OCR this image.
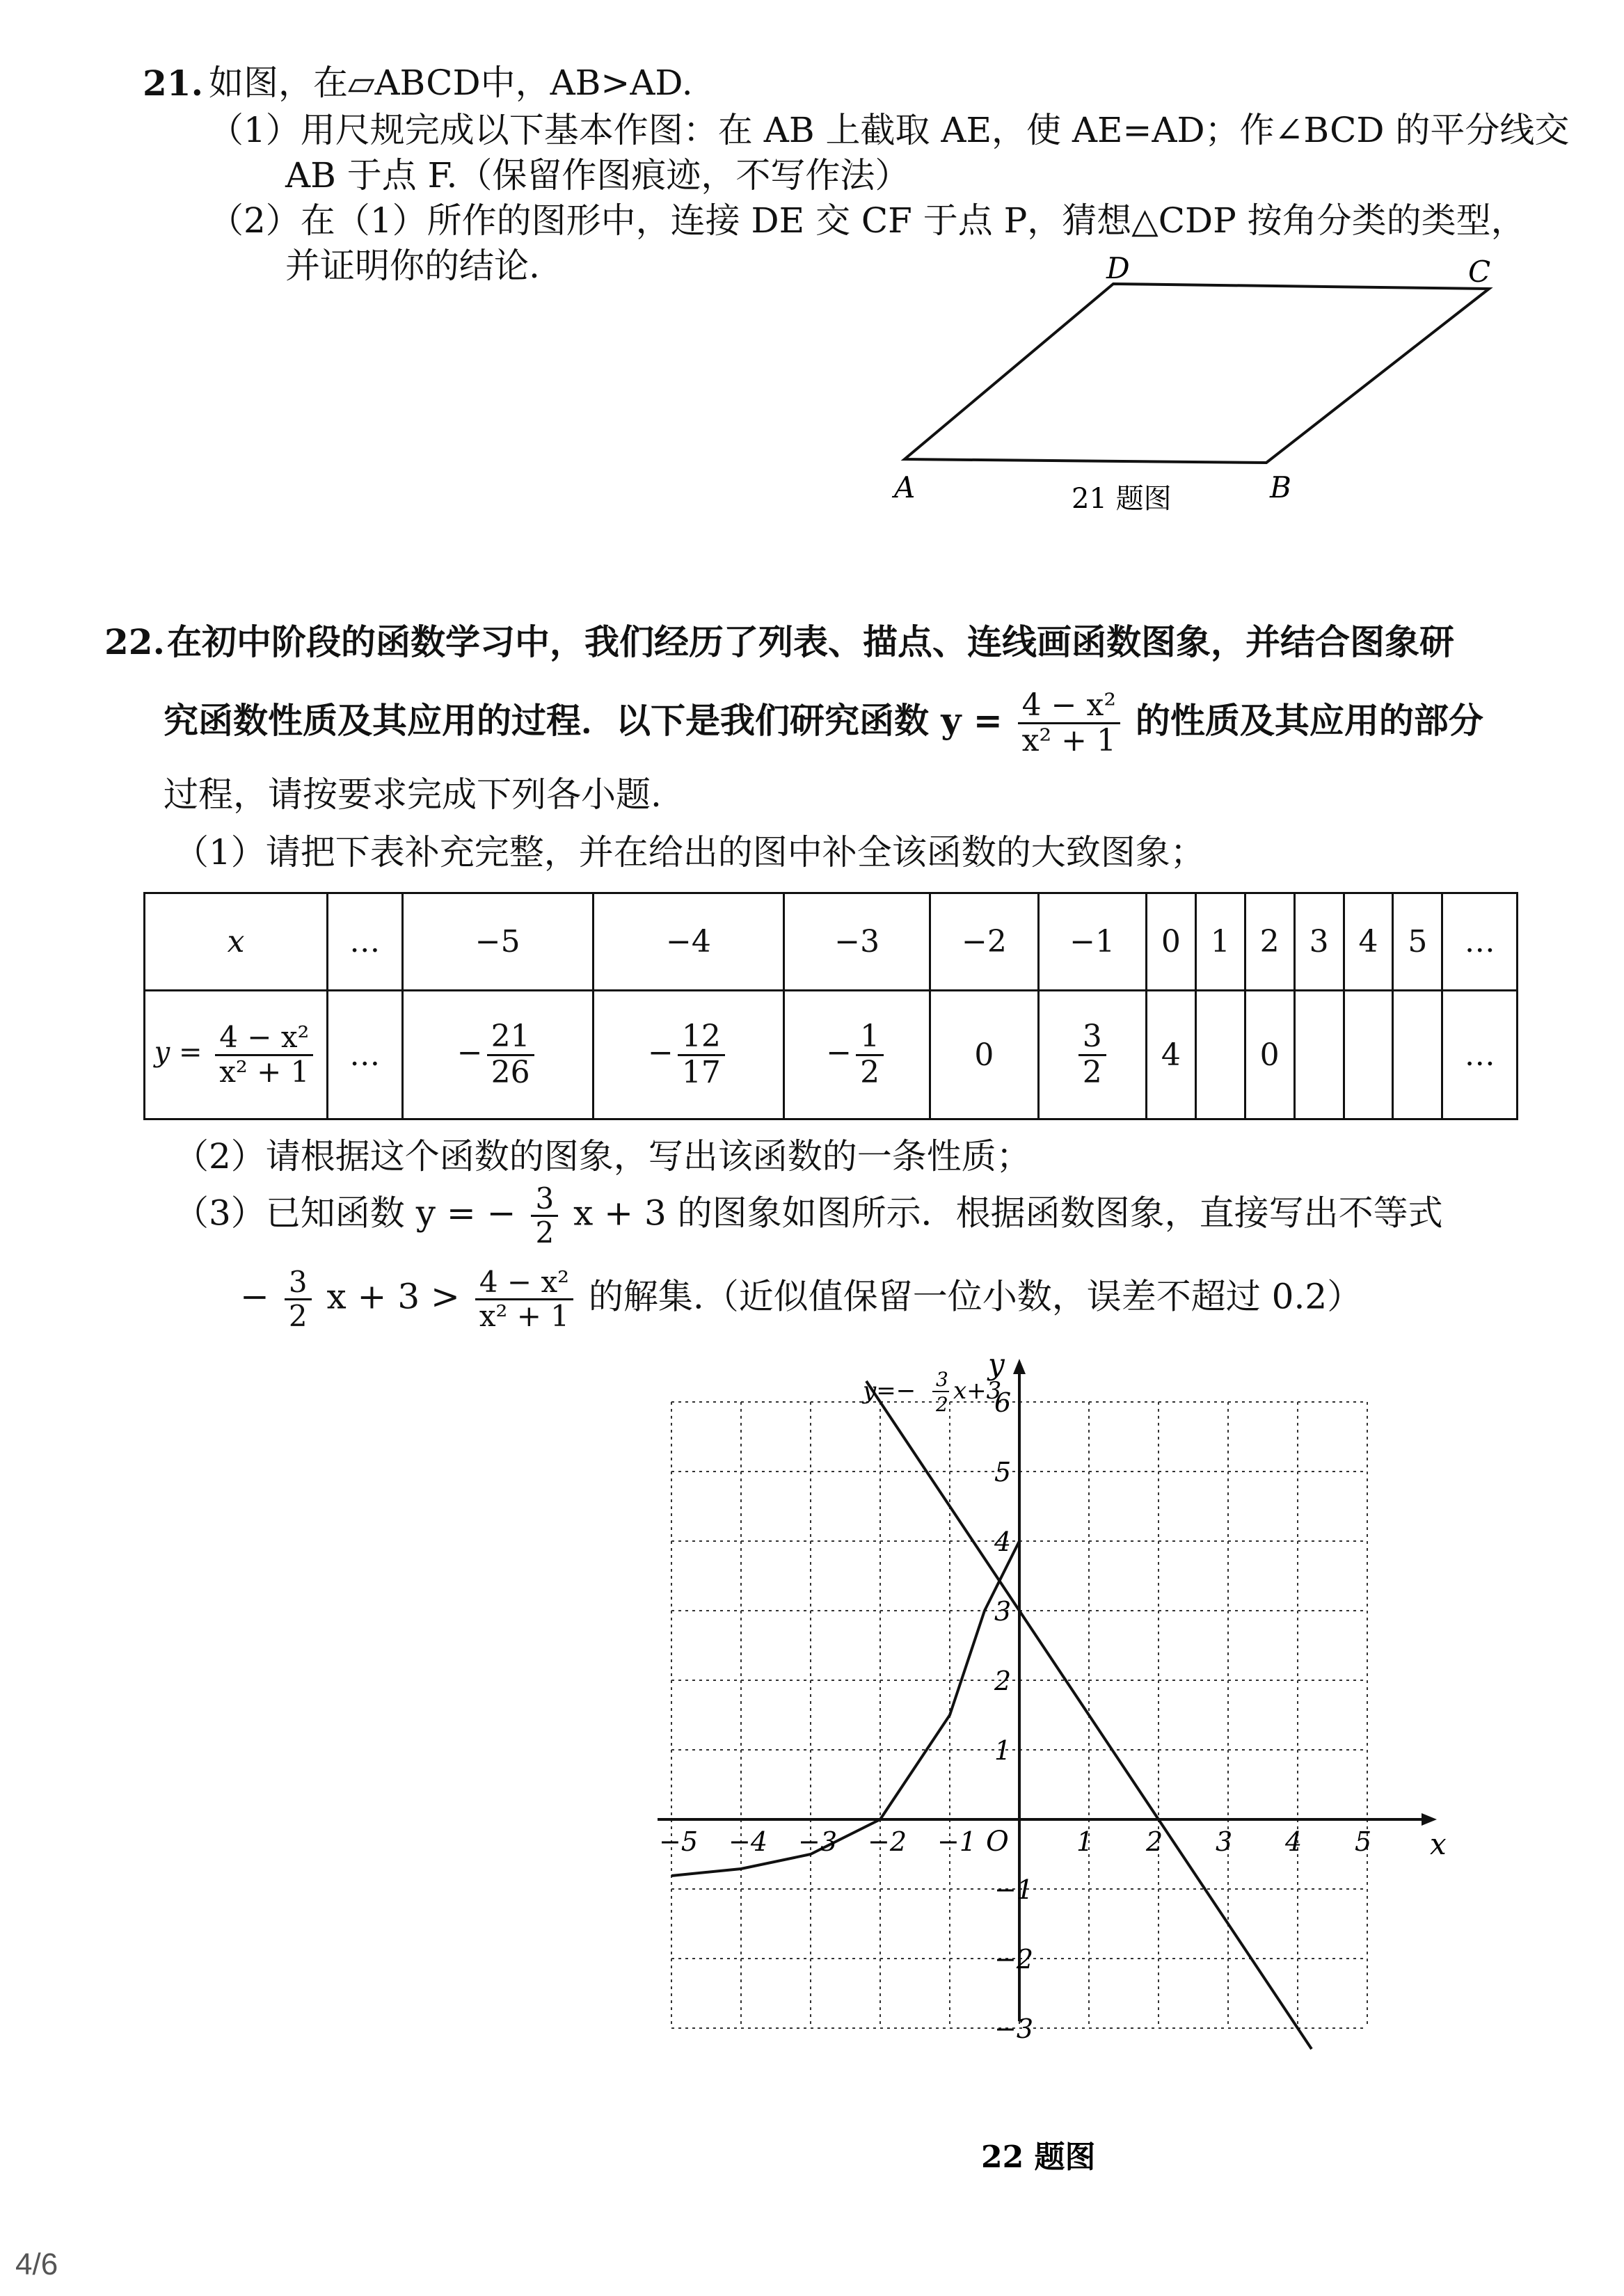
21. 如图，在▱ABCD中，AB>AD.
（1）用尺规完成以下基本作图：在 AB 上截取 AE，使 AE=AD；作∠BCD 的平分线交
AB 于点 F.（保留作图痕迹，不写作法）
（2）在（1）所作的图形中，连接 DE 交 CF 于点 P，猜想△CDP 按角分类的类型，
并证明你的结论.
A	B
C
D
21 题图
22. 在初中阶段的函数学习中，我们经历了列表、描点、连线画函数图象，并结合图象研
究函数性质及其应用的过程．以下是我们研究函数 $y = \frac{\text{4 − x²}}{\text{x² + 1}}$ 的性质及其应用的部分
过程，请按要求完成下列各小题.
（1）请把下表补充完整，并在给出的图中补全该函数的大致图象；
x	…	−5	−4	−3	−2	−1	0	1	2	3	4	5	…
$y = \frac{\text{4 − x²}}{\text{x² + 1}}$	…	− $\frac{21}{26}$	− $\frac{12}{17}$	− $\frac{1}{2}$	0	$\frac{3}{2}$	4		0				…
（2）请根据这个函数的图象，写出该函数的一条性质；
（3）已知函数 y = − $\frac{3}{2}$ x + 3 的图象如图所示．根据函数图象，直接写出不等式
− $\frac{3}{2}$ $x + 3 > \frac{\text{4 − x²}}{\text{x² + 1}}$ 的解集.（近似值保留一位小数，误差不超过 0.2）
−5 −4 −3 −2 −1	1 2 3 4 5
6
5
4
3
2
1
−1
−2
−3
O	x
y
y=− 3
2 x+3
22 题图
4/6
